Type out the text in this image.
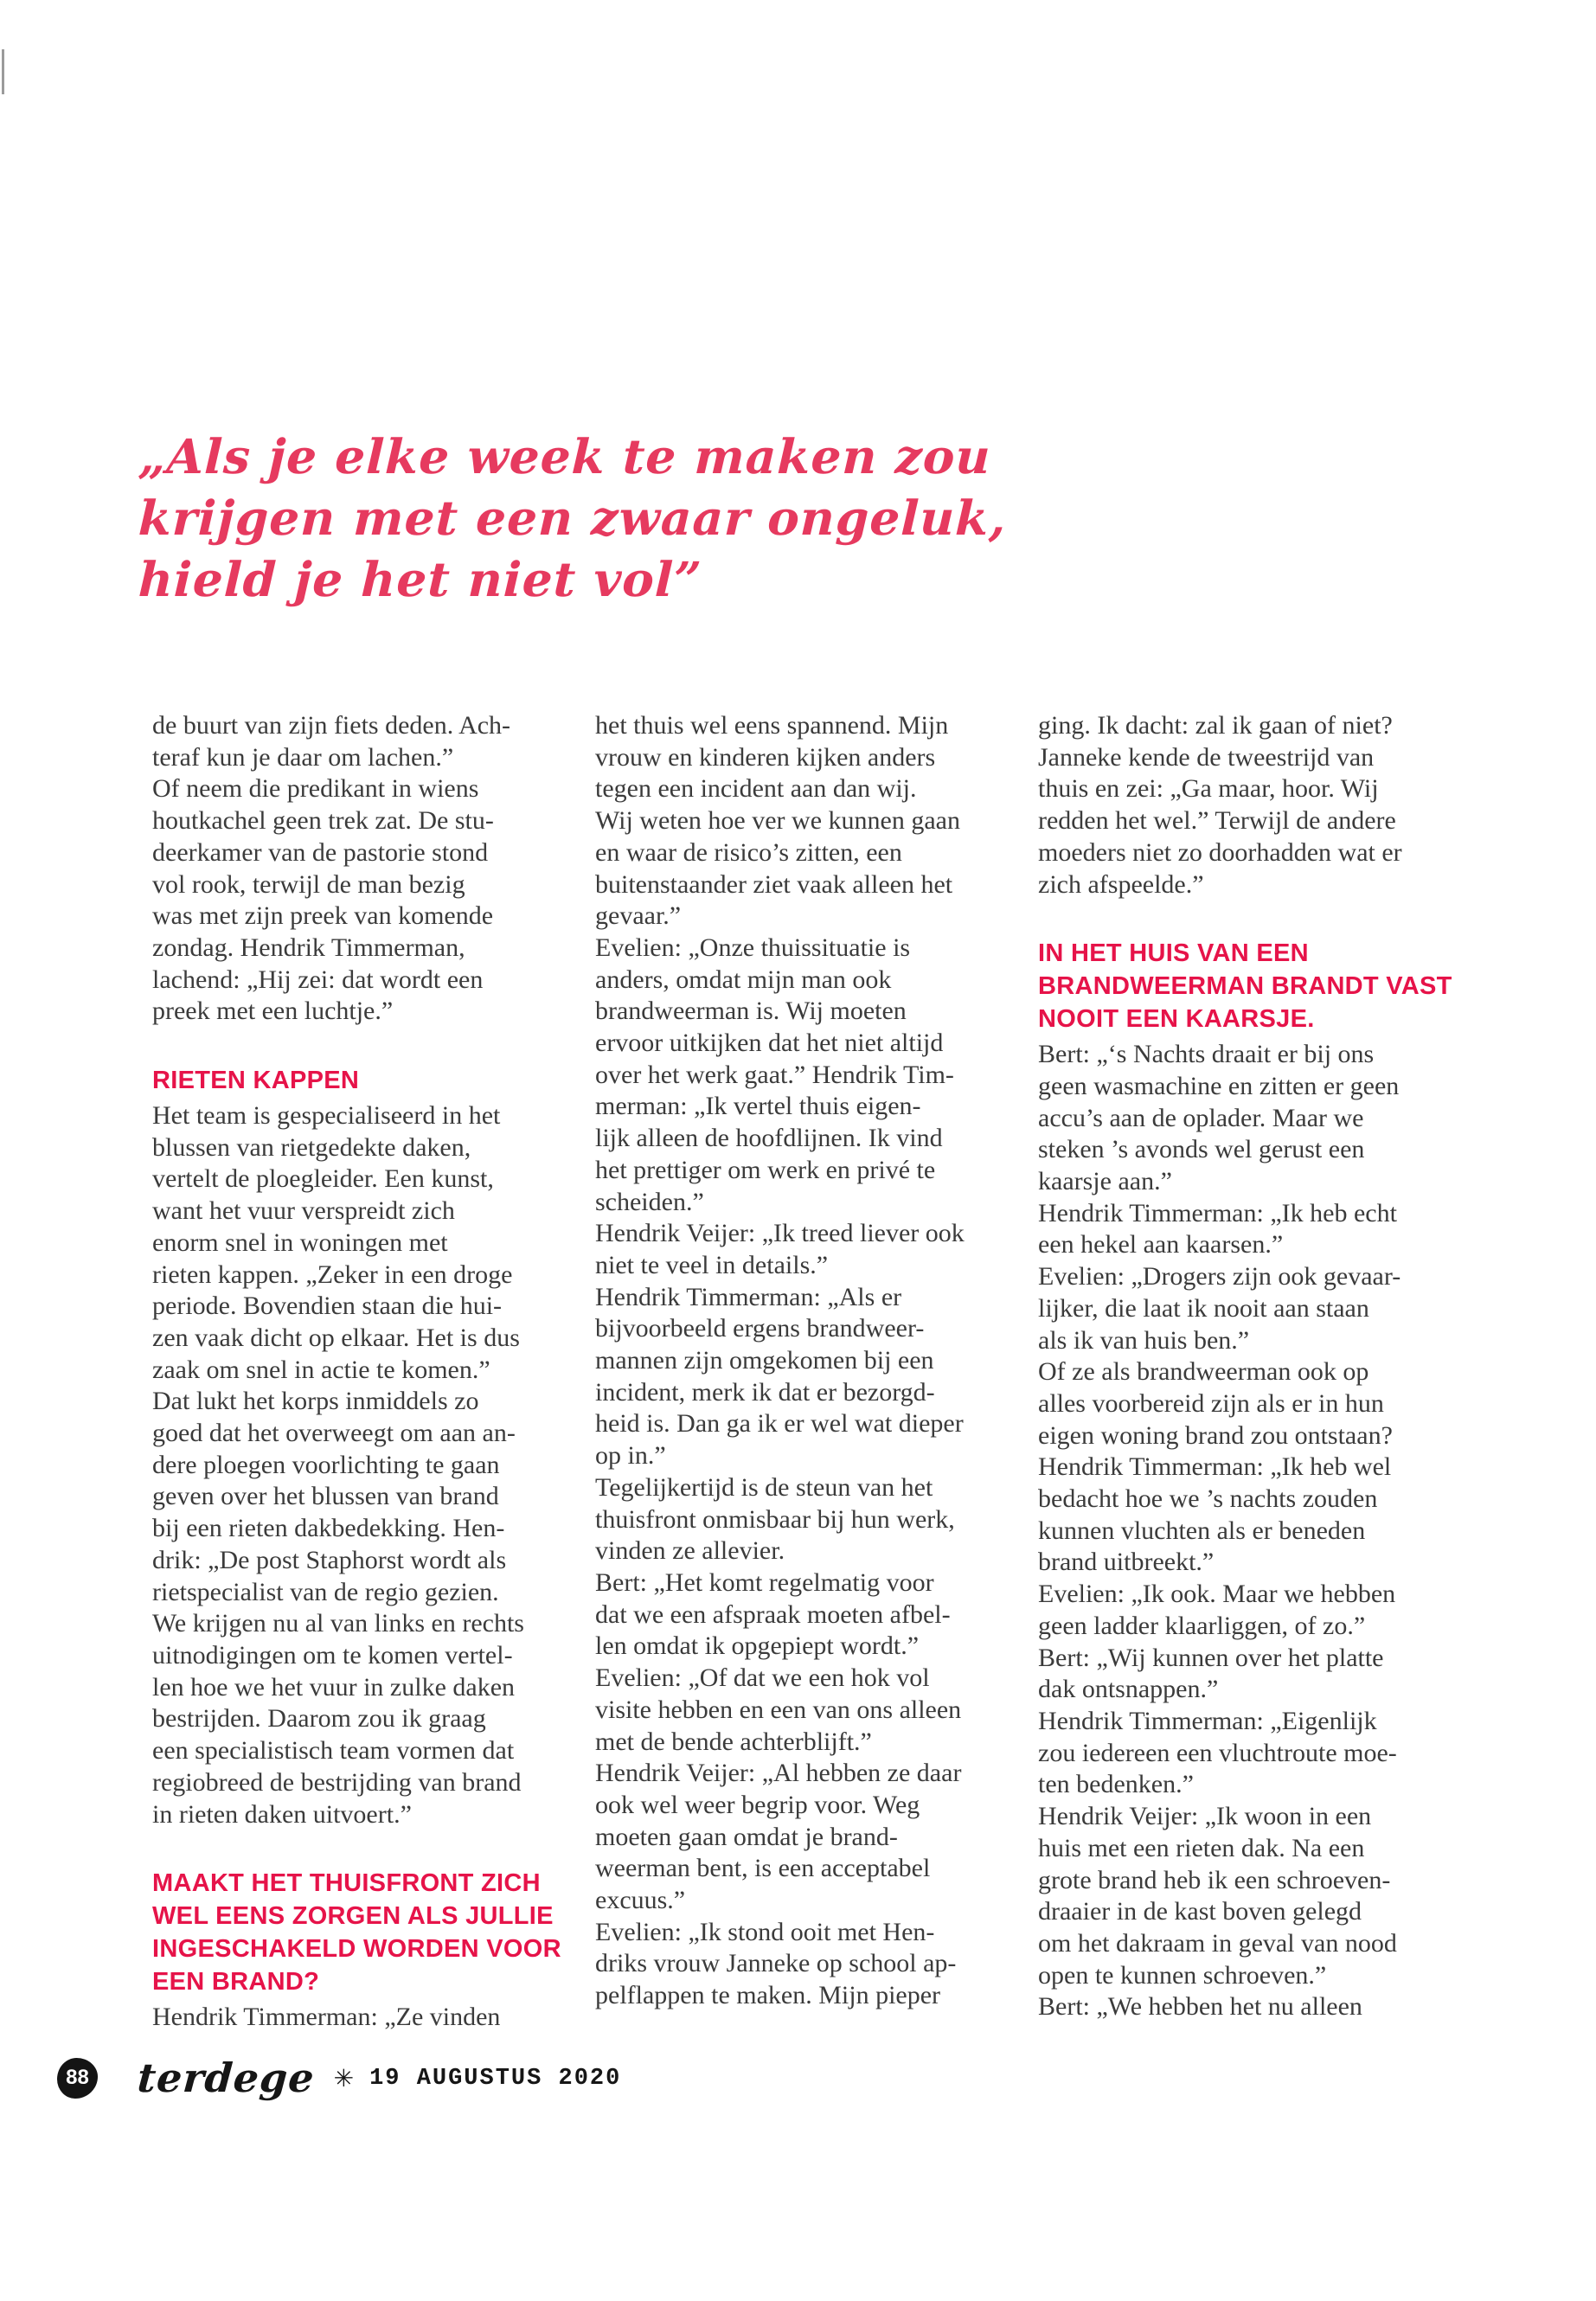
„Als je elke week te maken zou
krijgen met een zwaar ongeluk,
hield je het niet vol”
de buurt van zijn fiets deden. Ach-
teraf kun je daar om lachen.”
Of neem die predikant in wiens
houtkachel geen trek zat. De stu-
deerkamer van de pastorie stond
vol rook, terwijl de man bezig
was met zijn preek van komende
zondag. Hendrik Timmerman,
lachend: „Hij zei: dat wordt een
preek met een luchtje.”
RIETEN KAPPEN
Het team is gespecialiseerd in het
blussen van rietgedekte daken,
vertelt de ploegleider. Een kunst,
want het vuur verspreidt zich
enorm snel in woningen met
rieten kappen. „Zeker in een droge
periode. Bovendien staan die hui-
zen vaak dicht op elkaar. Het is dus
zaak om snel in actie te komen.”
Dat lukt het korps inmiddels zo
goed dat het overweegt om aan an-
dere ploegen voorlichting te gaan
geven over het blussen van brand
bij een rieten dakbedekking. Hen-
drik: „De post Staphorst wordt als
rietspecialist van de regio gezien.
We krijgen nu al van links en rechts
uitnodigingen om te komen vertel-
len hoe we het vuur in zulke daken
bestrijden. Daarom zou ik graag
een specialistisch team vormen dat
regiobreed de bestrijding van brand
in rieten daken uitvoert.”
MAAKT HET THUISFRONT ZICH
WEL EENS ZORGEN ALS JULLIE
INGESCHAKELD WORDEN VOOR
EEN BRAND?
Hendrik Timmerman: „Ze vinden
het thuis wel eens spannend. Mijn
vrouw en kinderen kijken anders
tegen een incident aan dan wij.
Wij weten hoe ver we kunnen gaan
en waar de risico’s zitten, een
buitenstaander ziet vaak alleen het
gevaar.”
Evelien: „Onze thuissituatie is
anders, omdat mijn man ook
brandweerman is. Wij moeten
ervoor uitkijken dat het niet altijd
over het werk gaat.” Hendrik Tim-
merman: „Ik vertel thuis eigen-
lijk alleen de hoofdlijnen. Ik vind
het prettiger om werk en privé te
scheiden.”
Hendrik Veijer: „Ik treed liever ook
niet te veel in details.”
Hendrik Timmerman: „Als er
bijvoorbeeld ergens brandweer-
mannen zijn omgekomen bij een
incident, merk ik dat er bezorgd-
heid is. Dan ga ik er wel wat dieper
op in.”
Tegelijkertijd is de steun van het
thuisfront onmisbaar bij hun werk,
vinden ze allevier.
Bert: „Het komt regelmatig voor
dat we een afspraak moeten afbel-
len omdat ik opgepiept wordt.”
Evelien: „Of dat we een hok vol
visite hebben en een van ons alleen
met de bende achterblijft.”
Hendrik Veijer: „Al hebben ze daar
ook wel weer begrip voor. Weg
moeten gaan omdat je brand-
weerman bent, is een acceptabel
excuus.”
Evelien: „Ik stond ooit met Hen-
driks vrouw Janneke op school ap-
pelflappen te maken. Mijn pieper
ging. Ik dacht: zal ik gaan of niet?
Janneke kende de tweestrijd van
thuis en zei: „Ga maar, hoor. Wij
redden het wel.” Terwijl de andere
moeders niet zo doorhadden wat er
zich afspeelde.”
IN HET HUIS VAN EEN
BRANDWEERMAN BRANDT VAST
NOOIT EEN KAARSJE.
Bert: „‘s Nachts draait er bij ons
geen wasmachine en zitten er geen
accu’s aan de oplader. Maar we
steken ’s avonds wel gerust een
kaarsje aan.”
Hendrik Timmerman: „Ik heb echt
een hekel aan kaarsen.”
Evelien: „Drogers zijn ook gevaar-
lijker, die laat ik nooit aan staan
als ik van huis ben.”
Of ze als brandweerman ook op
alles voorbereid zijn als er in hun
eigen woning brand zou ontstaan?
Hendrik Timmerman: „Ik heb wel
bedacht hoe we ’s nachts zouden
kunnen vluchten als er beneden
brand uitbreekt.”
Evelien: „Ik ook. Maar we hebben
geen ladder klaarliggen, of zo.”
Bert: „Wij kunnen over het platte
dak ontsnappen.”
Hendrik Timmerman: „Eigenlijk
zou iedereen een vluchtroute moe-
ten bedenken.”
Hendrik Veijer: „Ik woon in een
huis met een rieten dak. Na een
grote brand heb ik een schroeven-
draaier in de kast boven gelegd
om het dakraam in geval van nood
open te kunnen schroeven.”
Bert: „We hebben het nu alleen
88 terdege ✳ 19 AUGUSTUS 2020
